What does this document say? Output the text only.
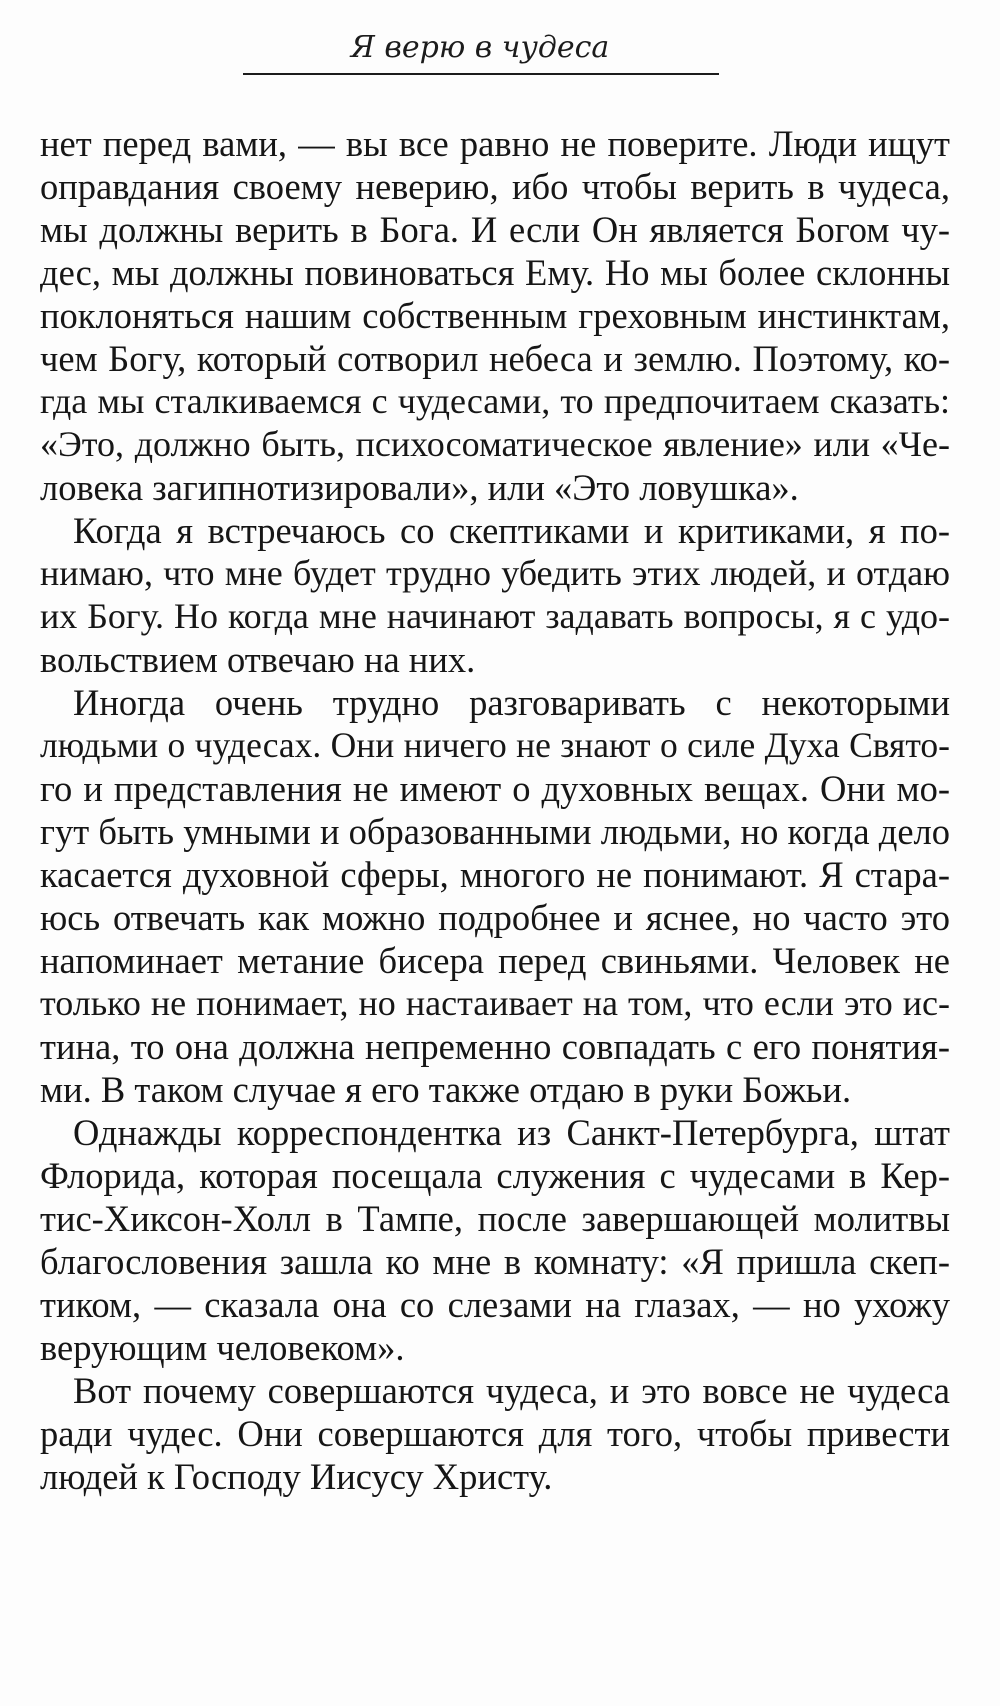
Я верю в чудеса
нет перед вами, — вы все равно не поверите. Люди ищут
оправдания своему неверию, ибо чтобы верить в чудеса,
мы должны верить в Бога. И если Он является Богом чу-
дес, мы должны повиноваться Ему. Но мы более склонны
поклоняться нашим собственным греховным инстинктам,
чем Богу, который сотворил небеса и землю. Поэтому, ко-
гда мы сталкиваемся с чудесами, то предпочитаем сказать:
«Это, должно быть, психосоматическое явление» или «Че-
ловека загипнотизировали», или «Это ловушка».
Когда я встречаюсь со скептиками и критиками, я по-
нимаю, что мне будет трудно убедить этих людей, и отдаю
их Богу. Но когда мне начинают задавать вопросы, я с удо-
вольствием отвечаю на них.
Иногда очень трудно разговаривать с некоторыми
людьми о чудесах. Они ничего не знают о силе Духа Свято-
го и представления не имеют о духовных вещах. Они мо-
гут быть умными и образованными людьми, но когда дело
касается духовной сферы, многого не понимают. Я стара-
юсь отвечать как можно подробнее и яснее, но часто это
напоминает метание бисера перед свиньями. Человек не
только не понимает, но настаивает на том, что если это ис-
тина, то она должна непременно совпадать с его понятия-
ми. В таком случае я его также отдаю в руки Божьи.
Однажды корреспондентка из Санкт-Петербурга, штат
Флорида, которая посещала служения с чудесами в Кер-
тис-Хиксон-Холл в Тампе, после завершающей молитвы
благословения зашла ко мне в комнату: «Я пришла скеп-
тиком, — сказала она со слезами на глазах, — но ухожу
верующим человеком».
Вот почему совершаются чудеса, и это вовсе не чудеса
ради чудес. Они совершаются для того, чтобы привести
людей к Господу Иисусу Христу.
